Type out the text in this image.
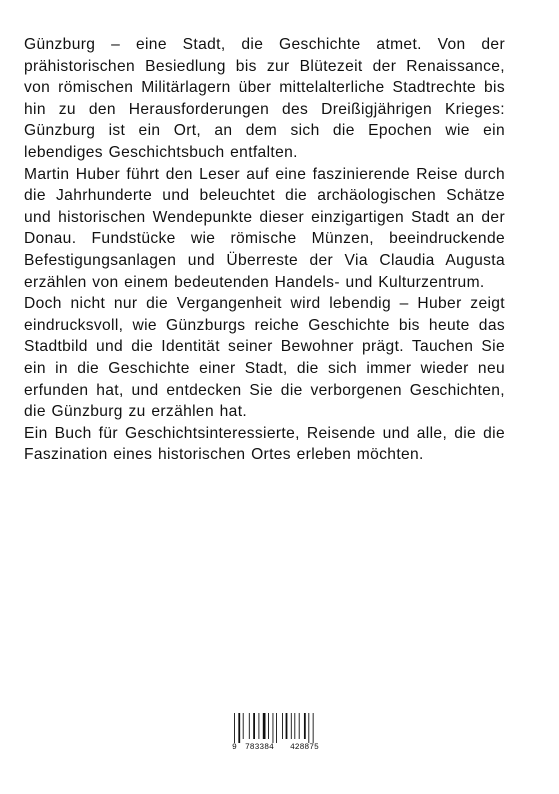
Günzburg – eine Stadt, die Geschichte atmet. Von der prähistorischen Besiedlung bis zur Blütezeit der Renaissance, von römischen Militärlagern über mittelalterliche Stadtrechte bis hin zu den Herausforderungen des Dreißigjährigen Krieges: Günzburg ist ein Ort, an dem sich die Epochen wie ein lebendiges Geschichtsbuch entfalten.

Martin Huber führt den Leser auf eine faszinierende Reise durch die Jahrhunderte und beleuchtet die archäologischen Schätze und historischen Wendepunkte dieser einzigartigen Stadt an der Donau. Fundstücke wie römische Münzen, beeindruckende Befestigungsanlagen und Überreste der Via Claudia Augusta erzählen von einem bedeutenden Handels- und Kulturzentrum.

Doch nicht nur die Vergangenheit wird lebendig – Huber zeigt eindrucksvoll, wie Günzburgs reiche Geschichte bis heute das Stadtbild und die Identität seiner Bewohner prägt. Tauchen Sie ein in die Geschichte einer Stadt, die sich immer wieder neu erfunden hat, und entdecken Sie die verborgenen Geschichten, die Günzburg zu erzählen hat.

Ein Buch für Geschichtsinteressierte, Reisende und alle, die die Faszination eines historischen Ortes erleben möchten.

9 783384 428875
